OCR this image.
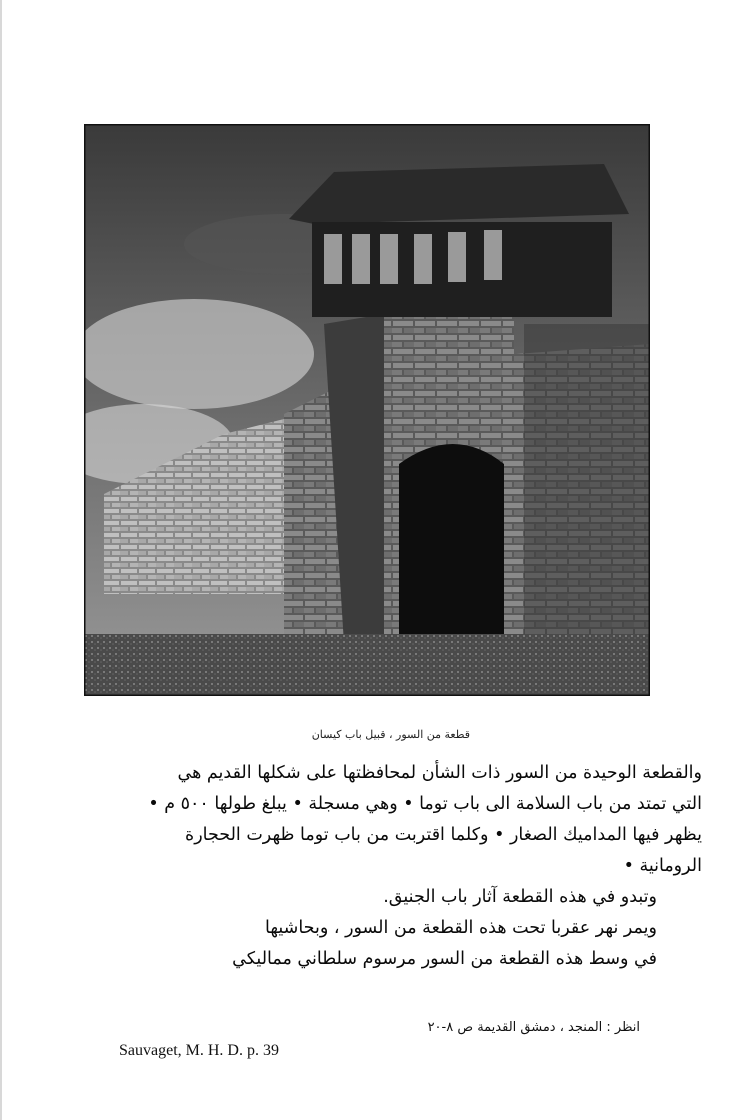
قطعة من السور ، قبيل باب كيسان
والقطعة الوحيدة من السور ذات الشأن لمحافظتها على شكلها القديم هي
التي تمتد من باب السلامة الى باب توما • وهي مسجلة • يبلغ طولها ٥٠٠ م •
يظهر فيها المداميك الصغار • وكلما اقتربت من باب توما ظهرت الحجارة
الرومانية •
وتبدو في هذه القطعة آثار باب الجنيق.
ويمر نهر عقربا تحت هذه القطعة من السور ، وبحاشيها
في وسط هذه القطعة من السور مرسوم سلطاني مماليكي
انظر : المنجد ، دمشق القديمة ص ٨-٢٠
Sauvaget, M. H. D. p. 39
